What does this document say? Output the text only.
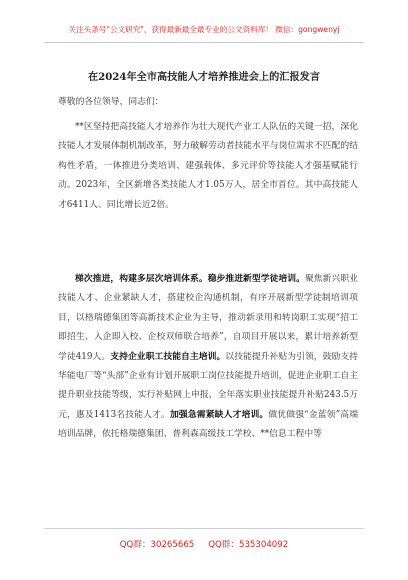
关注头条号"公文研究"，获得最新最全最专业的公文资料库！ 微信：gongwenyj
在2024年全市高技能人才培养推进会上的汇报发言
尊敬的各位领导，同志们：
**区坚持把高技能人才培养作为壮大现代产业工人队伍的关键一招，深化技能人才发展体制机制改革，努力破解劳动者技能水平与岗位需求不匹配的结构性矛盾，一体推进分类培训、建强载体、多元评价等技能人才强基赋能行动。2023年，全区新增各类技能人才1.05万人，居全市首位。其中高技能人才6411人、同比增长近2倍。
梯次推进，构建多层次培训体系。稳步推进新型学徒培训。聚焦新兴职业技能人才、企业紧缺人才，搭建校企沟通机制，有序开展新型学徒制培训项目，以格瑞德集团等高新技术企业为主导，推动新录用和转岗职工实现“招工即招生、入企即入校、企校双师联合培养”，自项目开展以来，累计培养新型学徒419人。支持企业职工技能自主培训。以技能提升补贴为引领，鼓励支持华能电厂等“头部”企业有计划开展职工岗位技能提升培训，促进企业职工自主提升职业技能等级，实行补贴网上申报，全年落实职业技能提升补贴243.5万元，惠及1413名技能人才。加强急需紧缺人才培训。做优做强“金蓝领”高端培训品牌，依托格瑞德集团、普利森高级技工学校、**信息工程中等
QQ群：30265665 QQ群：535304092
